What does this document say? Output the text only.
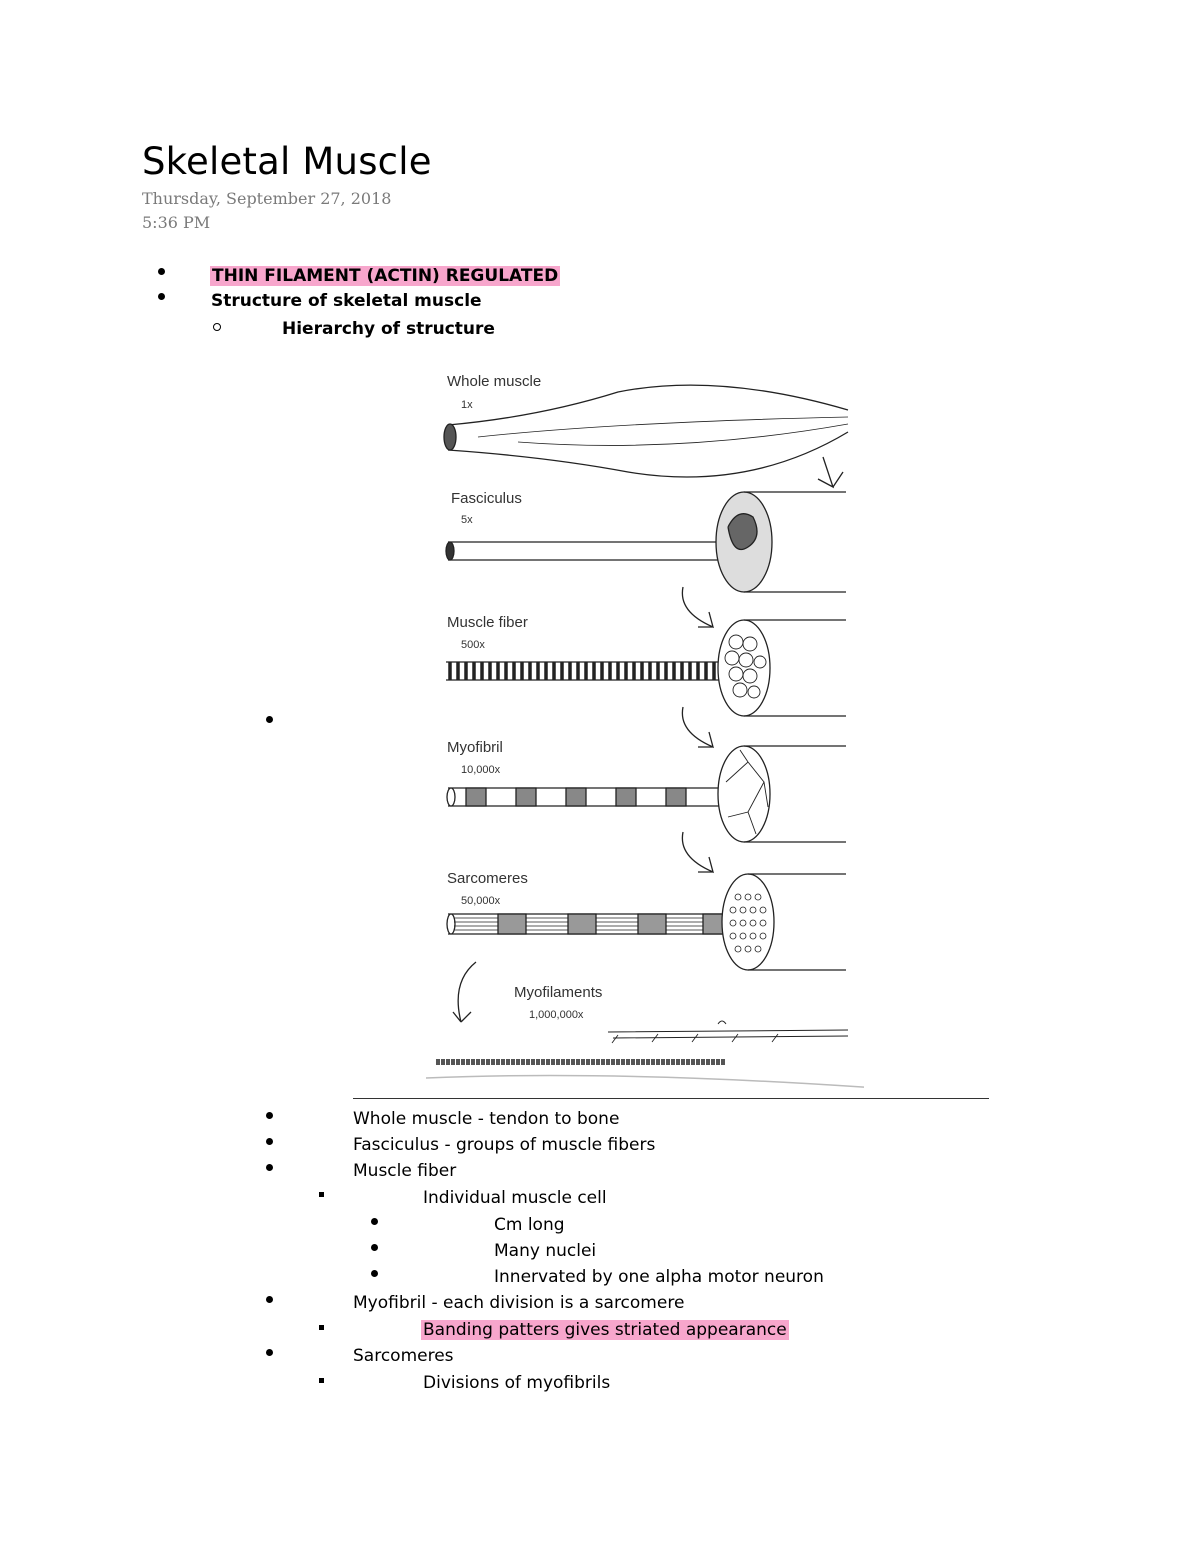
Skeletal Muscle
Thursday, September 27, 2018
5:36 PM
THIN FILAMENT (ACTIN) REGULATED
Structure of skeletal muscle
Hierarchy of structure
Whole muscle
1x
Fasciculus
5x
Muscle fiber
500x
Myofibril
10,000x
Sarcomeres
50,000x
Myofilaments
1,000,000x
Whole muscle - tendon to bone
Fasciculus - groups of muscle fibers
Muscle fiber
Individual muscle cell
Cm long
Many nuclei
Innervated by one alpha motor neuron
Myofibril - each division is a sarcomere
Banding patters gives striated appearance
Sarcomeres
Divisions of myofibrils
